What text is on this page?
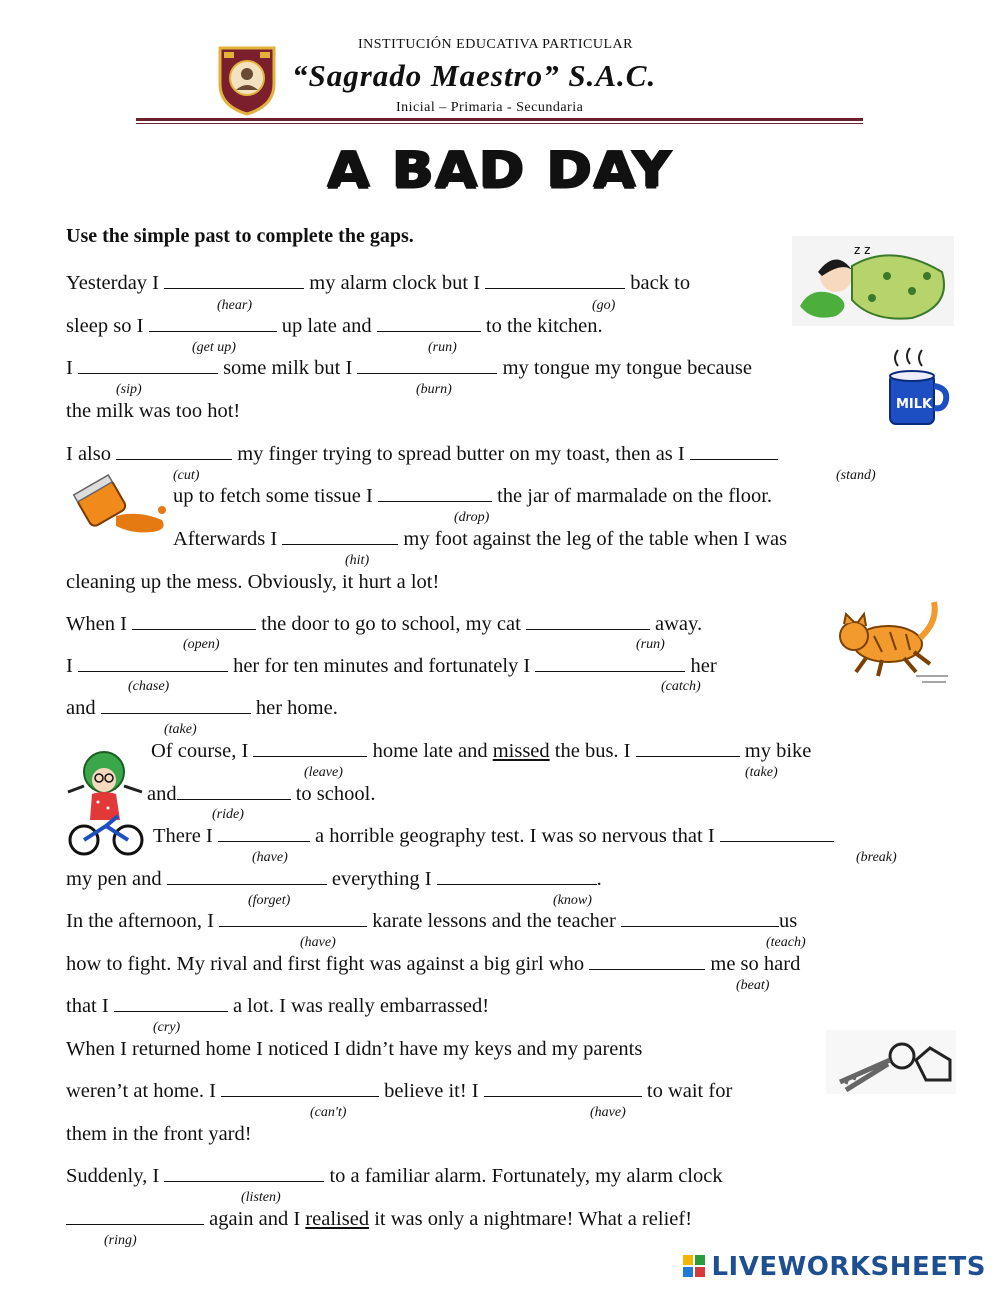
INSTITUCIÓN EDUCATIVA PARTICULAR
“Sagrado Maestro” S.A.C.
Inicial – Primaria - Secundaria
A BAD DAY
Use the simple past to complete the gaps.
Yesterday I	my alarm clock but I	back to
(hear)	(go)
sleep so I	up late and	to the kitchen.
(get up)	(run)
I	some milk but I	my tongue my tongue because
(sip)	(burn)
the milk was too hot!
I also	my finger trying to spread butter on my toast, then as I
(cut)	(stand)
up to fetch some tissue I	the jar of marmalade on the floor.
(drop)
Afterwards I	my foot against the leg of the table when I was
(hit)
cleaning up the mess. Obviously, it hurt a lot!
When I	the door to go to school, my cat	away.
(open)	(run)
I	her for ten minutes and fortunately I	her
(chase)	(catch)
and	her home.
(take)
Of course, I	home late and missed the bus. I	my bike
(leave)	(take)
and	to school.
(ride)
There I	a horrible geography test. I was so nervous that I
(have)	(break)
my pen and	everything I	.
(forget)	(know)
In the afternoon, I	karate lessons and the teacher	us
(have)	(teach)
how to fight. My rival and first fight was against a big girl who	me so hard
(beat)
that I	a lot. I was really embarrassed!
(cry)
When I returned home I noticed I didn’t have my keys and my parents
weren’t at home. I	believe it! I	to wait for
(can't)	(have)
them in the front yard!
Suddenly, I	to a familiar alarm. Fortunately, my alarm clock
(listen)
again and I realised it was only a nightmare! What a relief!
(ring)
z z
MILK
LIVEWORKSHEETS
